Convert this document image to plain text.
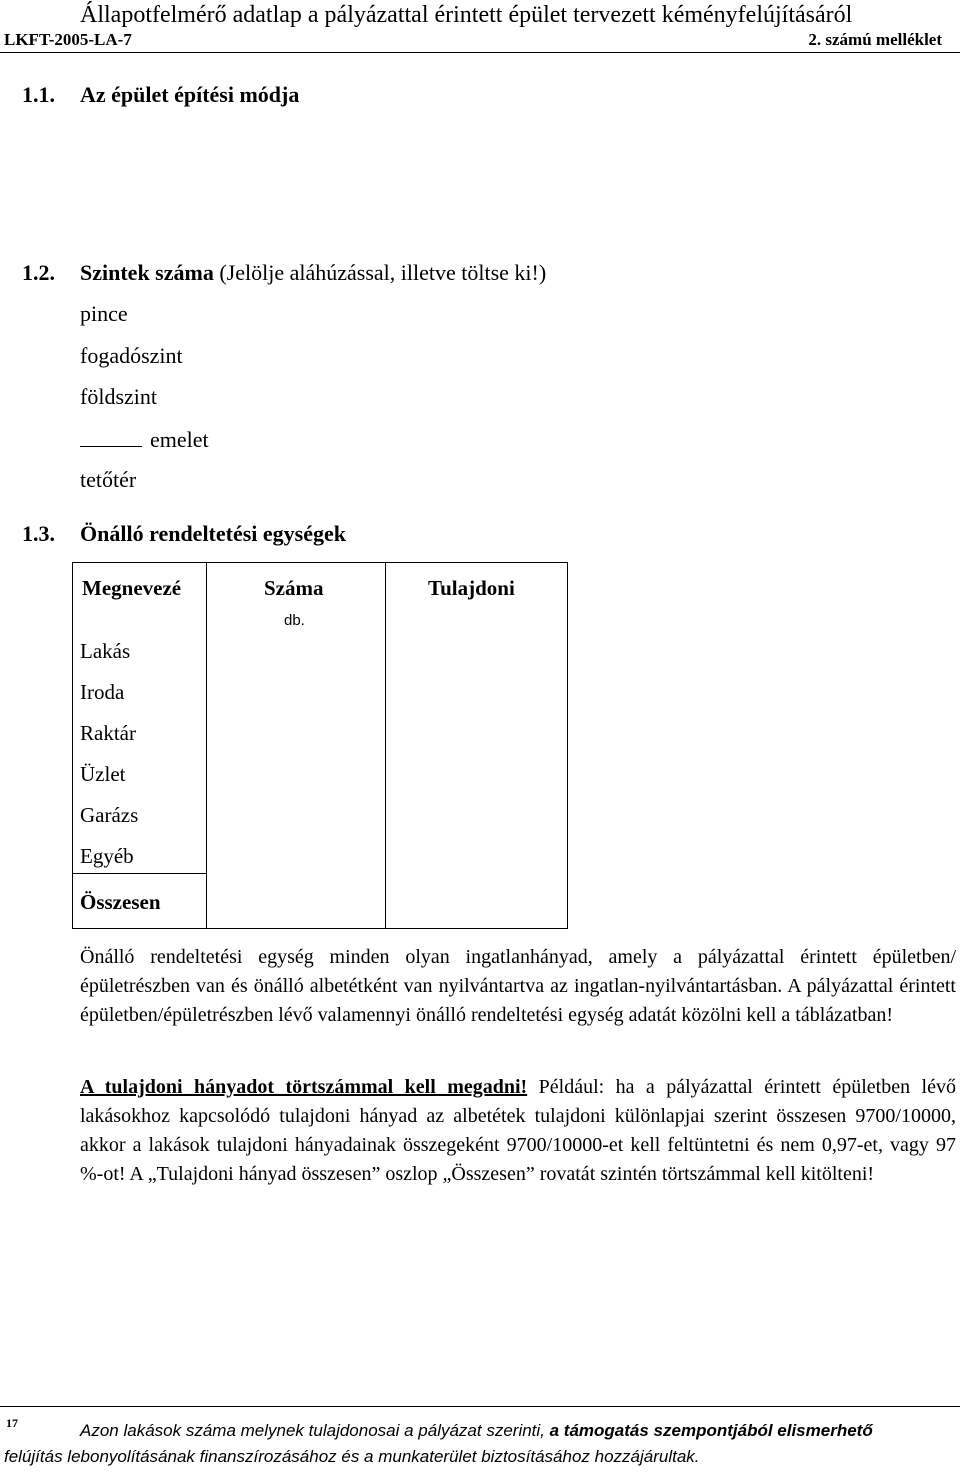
Állapotfelmérő adatlap a pályázattal érintett épület tervezett kéményfelújításáról
LKFT-2005-LA-7	2. számú melléklet
1.1. Az épület építési módja
1.2. Szintek száma (Jelölje aláhúzással, illetve töltse ki!)
pince
fogadószint
földszint
emelet
tetőtér
1.3. Önálló rendeltetési egységek
Megnevezé	Száma	Tulajdoni
db.
Lakás
Iroda
Raktár
Üzlet
Garázs
Egyéb
Összesen
Önálló rendeltetési egység minden olyan ingatlanhányad, amely a pályázattal érintett épületben/épületrészben van és önálló albetétként van nyilvántartva az ingatlan-nyilvántartásban. A pályázattal érintett épületben/épületrészben lévő valamennyi önálló rendeltetési egység adatát közölni kell a táblázatban!
A tulajdoni hányadot törtszámmal kell megadni! Például: ha a pályázattal érintett épületben lévő lakásokhoz kapcsolódó tulajdoni hányad az albetétek tulajdoni különlapjai szerint összesen 9700/10000, akkor a lakások tulajdoni hányadainak összegeként 9700/10000-et kell feltüntetni és nem 0,97-et, vagy 97 %-ot! A „Tulajdoni hányad összesen” oszlop „Összesen” rovatát szintén törtszámmal kell kitölteni!
17	Azon lakások száma melynek tulajdonosai a pályázat szerinti, a támogatás szempontjából elismerhető
felújítás lebonyolításának finanszírozásához és a munkaterület biztosításához hozzájárultak.
